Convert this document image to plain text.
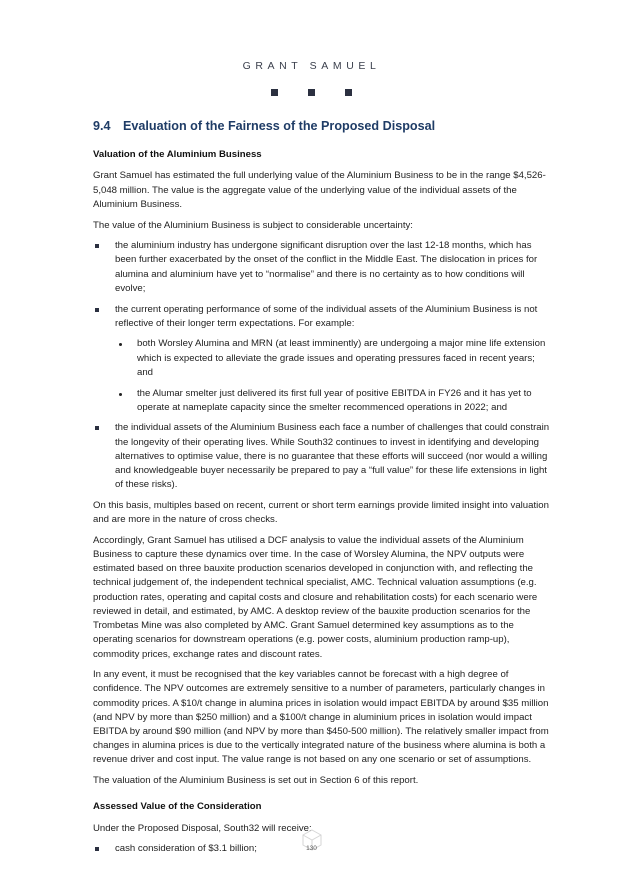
GRANT SAMUEL
9.4 Evaluation of the Fairness of the Proposed Disposal
Valuation of the Aluminium Business

Grant Samuel has estimated the full underlying value of the Aluminium Business to be in the range $4,526-5,048 million. The value is the aggregate value of the underlying value of the individual assets of the Aluminium Business.

The value of the Aluminium Business is subject to considerable uncertainty:

the aluminium industry has undergone significant disruption over the last 12-18 months, which has been further exacerbated by the onset of the conflict in the Middle East. The dislocation in prices for alumina and aluminium have yet to “normalise” and there is no certainty as to how conditions will evolve;
the current operating performance of some of the individual assets of the Aluminium Business is not reflective of their longer term expectations. For example:
both Worsley Alumina and MRN (at least imminently) are undergoing a major mine life extension which is expected to alleviate the grade issues and operating pressures faced in recent years; and
the Alumar smelter just delivered its first full year of positive EBITDA in FY26 and it has yet to operate at nameplate capacity since the smelter recommenced operations in 2022; and
the individual assets of the Aluminium Business each face a number of challenges that could constrain the longevity of their operating lives. While South32 continues to invest in identifying and developing alternatives to optimise value, there is no guarantee that these efforts will succeed (nor would a willing and knowledgeable buyer necessarily be prepared to pay a “full value” for these life extensions in light of these risks).

On this basis, multiples based on recent, current or short term earnings provide limited insight into valuation and are more in the nature of cross checks.

Accordingly, Grant Samuel has utilised a DCF analysis to value the individual assets of the Aluminium Business to capture these dynamics over time. In the case of Worsley Alumina, the NPV outputs were estimated based on three bauxite production scenarios developed in conjunction with, and reflecting the technical judgement of, the independent technical specialist, AMC. Technical valuation assumptions (e.g. production rates, operating and capital costs and closure and rehabilitation costs) for each scenario were reviewed in detail, and estimated, by AMC. A desktop review of the bauxite production scenarios for the Trombetas Mine was also completed by AMC. Grant Samuel determined key assumptions as to the operating scenarios for downstream operations (e.g. power costs, aluminium production ramp-up), commodity prices, exchange rates and discount rates.

In any event, it must be recognised that the key variables cannot be forecast with a high degree of confidence. The NPV outcomes are extremely sensitive to a number of parameters, particularly changes in commodity prices. A $10/t change in alumina prices in isolation would impact EBITDA by around $35 million (and NPV by more than $250 million) and a $100/t change in aluminium prices in isolation would impact EBITDA by around $90 million (and NPV by more than $450-500 million). The relatively smaller impact from changes in alumina prices is due to the vertically integrated nature of the business where alumina is both a revenue driver and cost input. The value range is not based on any one scenario or set of assumptions.

The valuation of the Aluminium Business is set out in Section 6 of this report.

Assessed Value of the Consideration

Under the Proposed Disposal, South32 will receive:

cash consideration of $3.1 billion;	130
